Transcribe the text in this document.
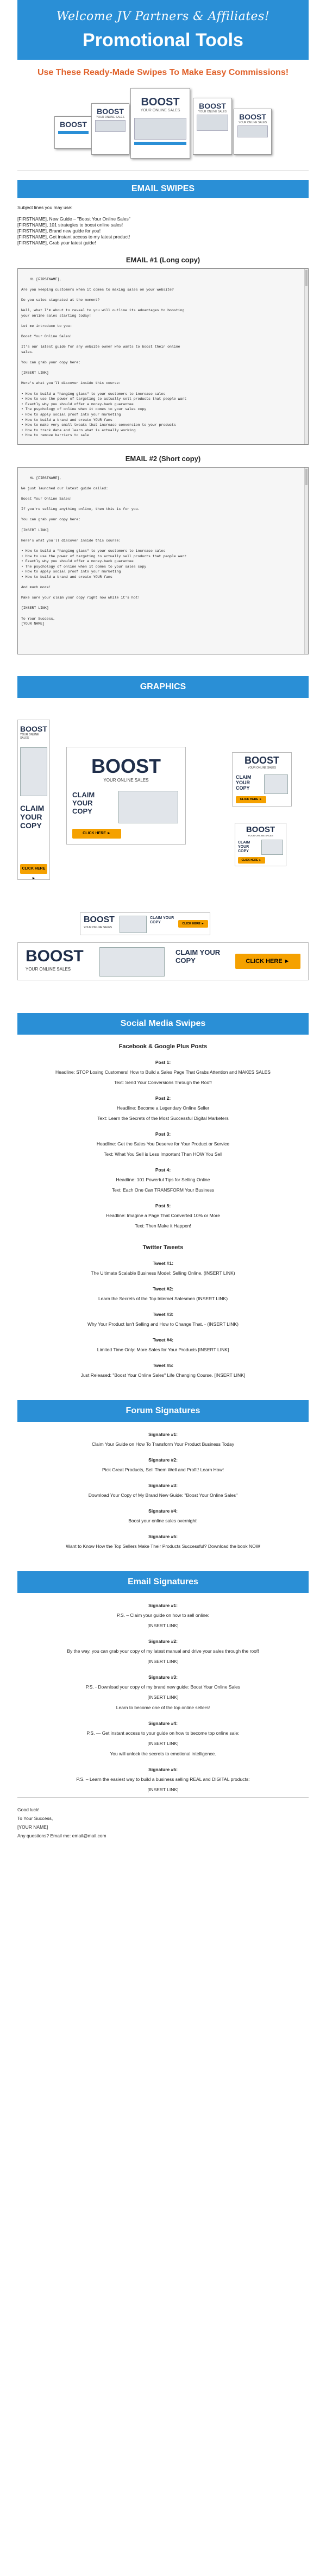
Welcome JV Partners & Affiliates!
Promotional Tools
Use These Ready-Made Swipes To Make Easy Commissions!
BOOST
BOOST
YOUR ONLINE SALES
BOOST
YOUR ONLINE SALES
BOOST
YOUR ONLINE SALES
BOOST
YOUR ONLINE SALES
EMAIL SWIPES
Subject lines you may use:
[FIRSTNAME], New Guide – "Boost Your Online Sales"
[FIRSTNAME], 101 strategies to boost online sales!
[FIRSTNAME], Brand new guide for you!
[FIRSTNAME], Get instant access to my latest product!
[FIRSTNAME], Grab your latest guide!
EMAIL #1 (Long copy)

Hi [FIRSTNAME],

Are you keeping customers when it comes to making sales on your website?

Do you sales stagnated at the moment?

Well, what I'm about to reveal to you will outline its advantages to boosting
your online sales starting today!

Let me introduce to you:

Boost Your Online Sales!

It's our latest guide for any website owner who wants to boost their online
sales.

You can grab your copy here:

[INSERT LINK]

Here's what you'll discover inside this course:

• How to build a "hanging glass" to your customers to increase sales
• How to use the power of targeting to actually sell products that people want
• Exactly why you should offer a money-back guarantee
• The psychology of online when it comes to your sales copy
• How to apply social proof into your marketing
• How to build a brand and create YOUR fans
• How to make very small tweaks that increase conversion to your products
• How to track data and learn what is actually working
• How to remove barriers to sale

EMAIL #2 (Short copy)

Hi [FIRSTNAME],

We just launched our latest guide called:

Boost Your Online Sales!

If you're selling anything online, then this is for you.

You can grab your copy here:

[INSERT LINK]

Here's what you'll discover inside this course:

• How to build a "hanging glass" to your customers to increase sales
• How to use the power of targeting to actually sell products that people want
• Exactly why you should offer a money-back guarantee
• The psychology of online when it comes to your sales copy
• How to apply social proof into your marketing
• How to build a brand and create YOUR fans

And much more!

Make sure your claim your copy right now while it's hot!

[INSERT LINK]

To Your Success,
[YOUR NAME]

GRAPHICS
BOOST
YOUR ONLINE SALES
CLAIM YOUR COPY
CLICK HERE ►
BOOST
YOUR ONLINE SALES
CLAIM YOUR COPY
CLICK HERE ►
BOOST
YOUR ONLINE SALES
CLAIM YOUR COPY
CLICK HERE ►
BOOST
YOUR ONLINE SALES
CLAIM YOUR COPY
CLICK HERE ►
BOOST
YOUR ONLINE SALES
CLAIM YOUR COPY	CLICK HERE ►
BOOST
YOUR ONLINE SALES
CLAIM YOUR COPY	CLICK HERE ►
Social Media Swipes
Facebook & Google Plus Posts
Post 1:
Headline: STOP Losing Customers! How to Build a Sales Page That Grabs Attention and MAKES SALES
Text: Send Your Conversions Through the Roof!
Post 2:
Headline: Become a Legendary Online Seller
Text: Learn the Secrets of the Most Successful Digital Marketers
Post 3:
Headline: Get the Sales You Deserve for Your Product or Service
Text: What You Sell is Less Important Than HOW You Sell
Post 4:
Headline: 101 Powerful Tips for Selling Online
Text: Each One Can TRANSFORM Your Business
Post 5:
Headline: Imagine a Page That Converted 10% or More
Text: Then Make it Happen!
Twitter Tweets
Tweet #1:
The Ultimate Scalable Business Model: Selling Online. (INSERT LINK)
Tweet #2:
Learn the Secrets of the Top Internet Salesmen (INSERT LINK)
Tweet #3:
Why Your Product Isn't Selling and How to Change That. - (INSERT LINK)
Tweet #4:
Limited Time Only: More Sales for Your Products [INSERT LINK]
Tweet #5:
Just Released: "Boost Your Online Sales" Life Changing Course. [INSERT LINK]
Forum Signatures
Signature #1:
Claim Your Guide on How To Transform Your Product Business Today
Signature #2:
Pick Great Products, Sell Them Well and Profit! Learn How!
Signature #3:
Download Your Copy of My Brand New Guide: "Boost Your Online Sales"
Signature #4:
Boost your online sales overnight!
Signature #5:
Want to Know How the Top Sellers Make Their Products Successful? Download the book NOW
Email Signatures
Signature #1:
P.S. – Claim your guide on how to sell online:
[INSERT LINK]
Signature #2:
By the way, you can grab your copy of my latest manual and drive your sales through the roof!
[INSERT LINK]
Signature #3:
P.S. - Download your copy of my brand new guide: Boost Your Online Sales
[INSERT LINK]
Learn to become one of the top online sellers!
Signature #4:
P.S. — Get instant access to your guide on how to become top online sale:
[INSERT LINK]
You will unlock the secrets to emotional intelligence.
Signature #5:
P.S. – Learn the easiest way to build a business selling REAL and DIGITAL products:
[INSERT LINK]
Good luck!
To Your Success,
[YOUR NAME]
Any questions? Email me: email@mail.com
